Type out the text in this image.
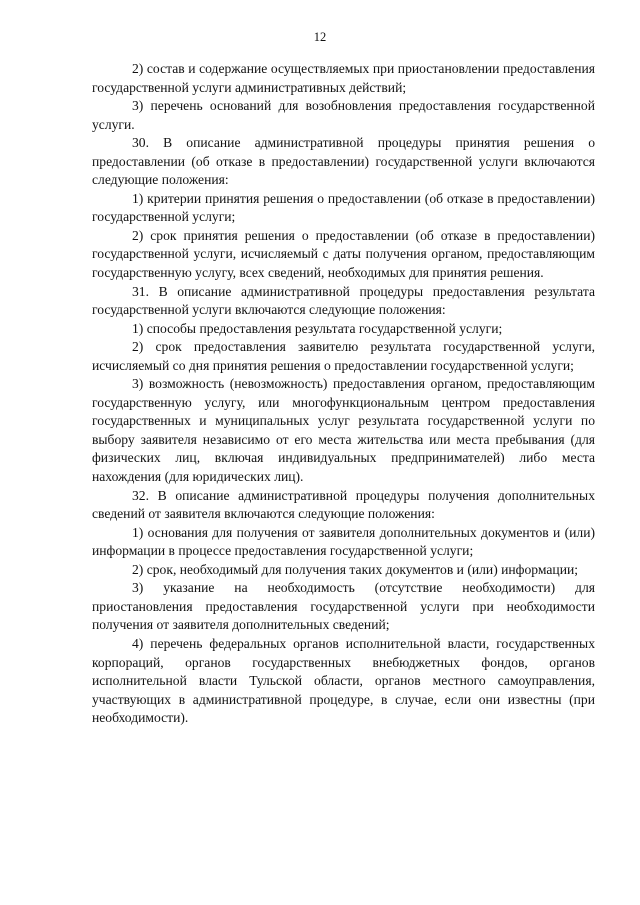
12

2) состав и содержание осуществляемых при приостановлении предоставления государственной услуги административных действий;

3) перечень оснований для возобновления предоставления государственной услуги.

30. В описание административной процедуры принятия решения о предоставлении (об отказе в предоставлении) государственной услуги включаются следующие положения:

1) критерии принятия решения о предоставлении (об отказе в предоставлении) государственной услуги;

2) срок принятия решения о предоставлении (об отказе в предоставлении) государственной услуги, исчисляемый с даты получения органом, предоставляющим государственную услугу, всех сведений, необходимых для принятия решения.

31. В описание административной процедуры предоставления результата государственной услуги включаются следующие положения:

1) способы предоставления результата государственной услуги;

2) срок предоставления заявителю результата государственной услуги, исчисляемый со дня принятия решения о предоставлении государственной услуги;

3) возможность (невозможность) предоставления органом, предоставляющим государственную услугу, или многофункциональным центром предоставления государственных и муниципальных услуг результата государственной услуги по выбору заявителя независимо от его места жительства или места пребывания (для физических лиц, включая индивидуальных предпринимателей) либо места нахождения (для юридических лиц).

32. В описание административной процедуры получения дополнительных сведений от заявителя включаются следующие положения:

1) основания для получения от заявителя дополнительных документов и (или) информации в процессе предоставления государственной услуги;

2) срок, необходимый для получения таких документов и (или) информации;

3) указание на необходимость (отсутствие необходимости) для приостановления предоставления государственной услуги при необходимости получения от заявителя дополнительных сведений;

4) перечень федеральных органов исполнительной власти, государственных корпораций, органов государственных внебюджетных фондов, органов исполнительной власти Тульской области, органов местного самоуправления, участвующих в административной процедуре, в случае, если они известны (при необходимости).
